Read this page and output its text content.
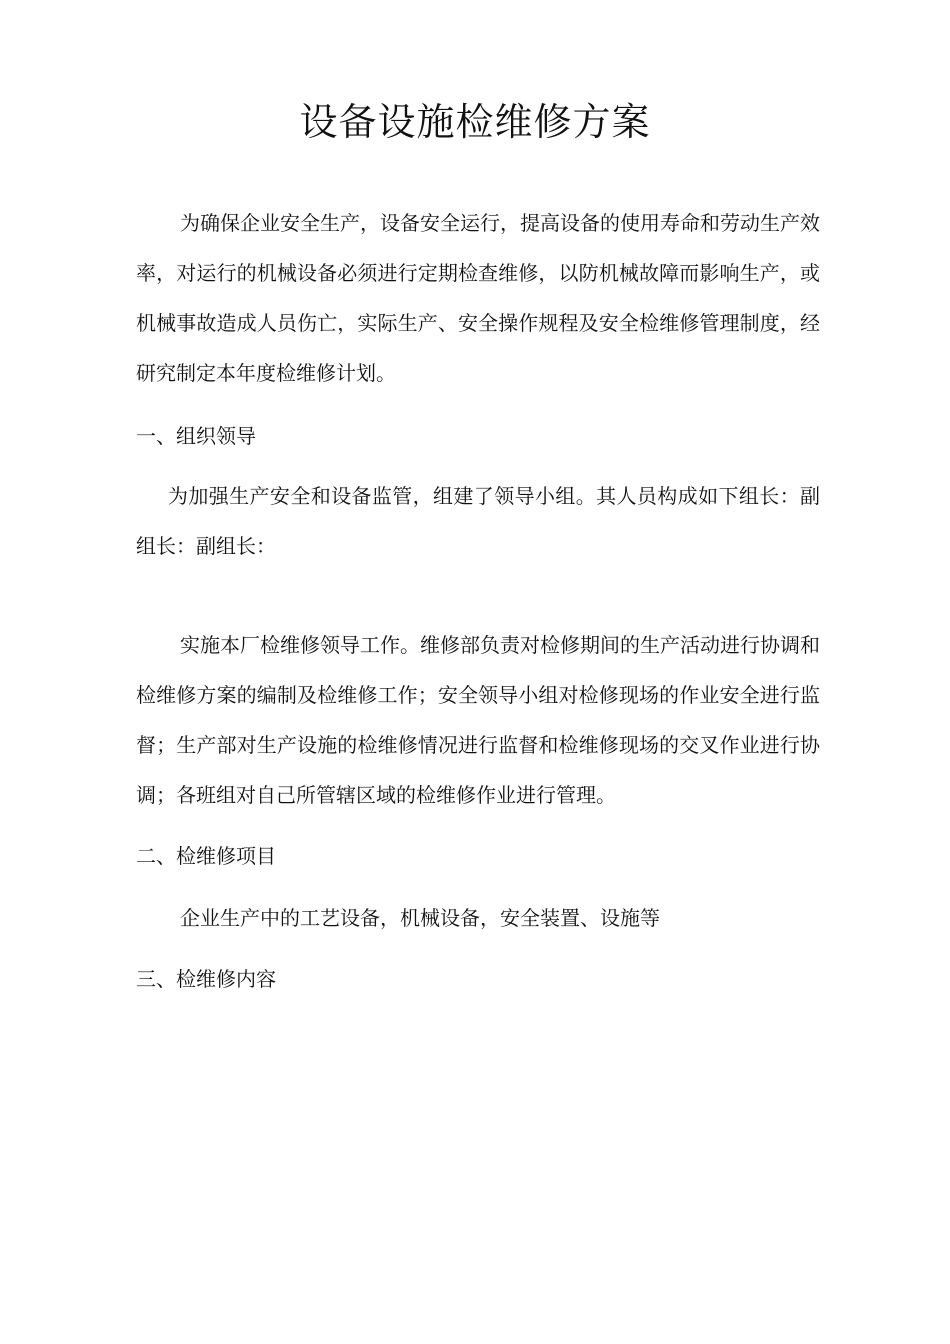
设备设施检维修方案

为确保企业安全生产，设备安全运行，提高设备的使用寿命和劳动生产效率，对运行的机械设备必须进行定期检查维修，以防机械故障而影响生产，或机械事故造成人员伤亡，实际生产、安全操作规程及安全检维修管理制度，经研究制定本年度检维修计划。

一、组织领导

为加强生产安全和设备监管，组建了领导小组。其人员构成如下组长：副组长：副组长：

实施本厂检维修领导工作。维修部负责对检修期间的生产活动进行协调和检维修方案的编制及检维修工作；安全领导小组对检修现场的作业安全进行监督；生产部对生产设施的检维修情况进行监督和检维修现场的交叉作业进行协调；各班组对自己所管辖区域的检维修作业进行管理。

二、检维修项目

企业生产中的工艺设备，机械设备，安全装置、设施等

三、检维修内容
